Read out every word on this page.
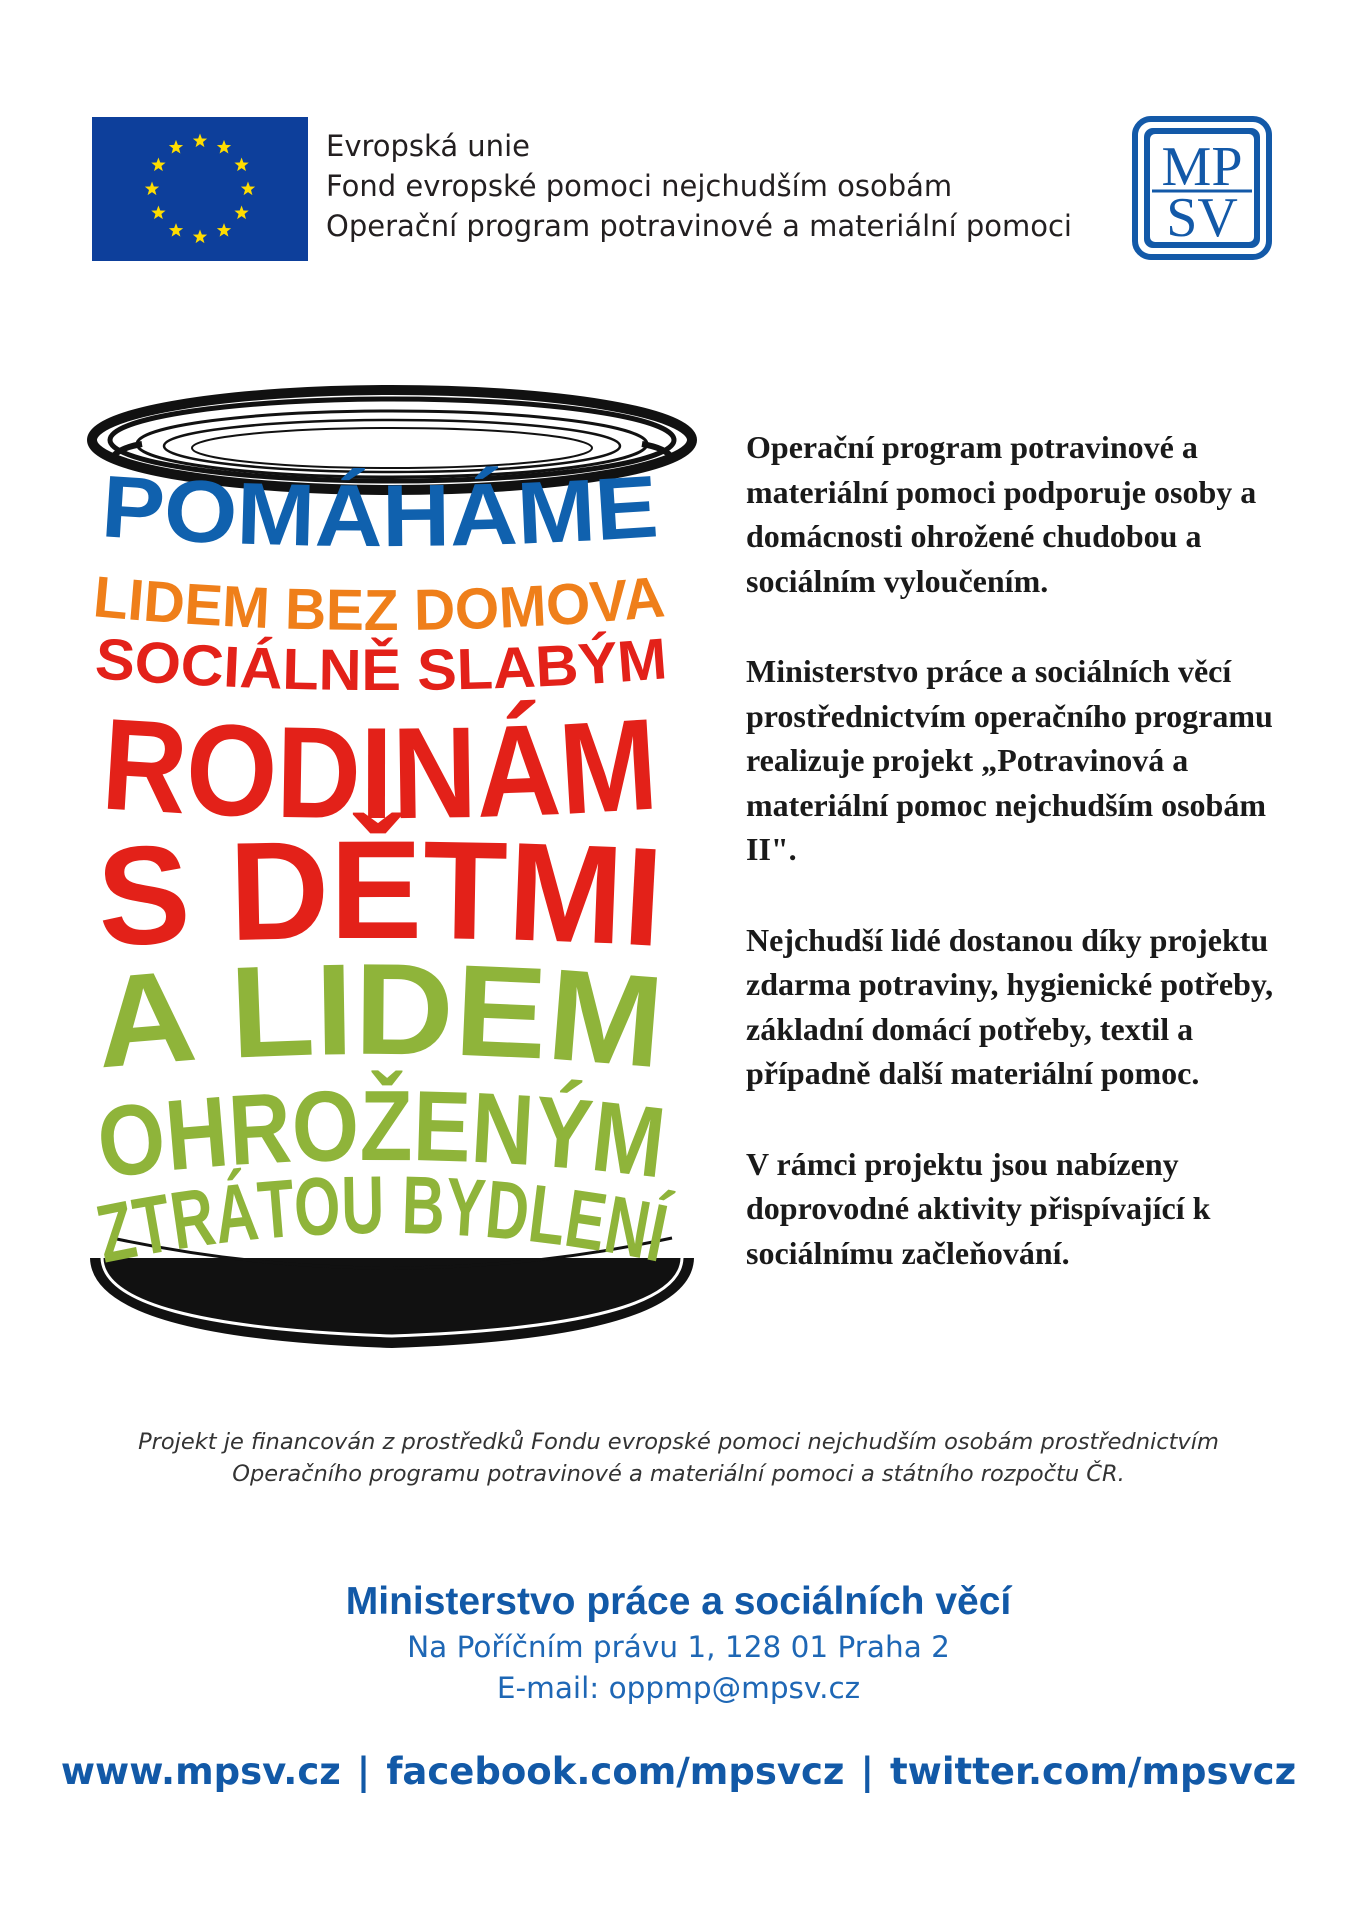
Evropská unie
Fond evropské pomoci nejchudším osobám
Operační program potravinové a materiální pomoci
MP
SV
POMÁHÁME
LIDEM BEZ DOMOVA
SOCIÁLNĚ SLABÝM
RODINÁM
S DĚTMI
A LIDEM
OHROŽENÝM
ZTRÁTOU BYDLENÍ

Operační program potravinové a materiální pomoci podporuje osoby a domácnosti ohrožené chudobou a sociálním vyloučením.

Ministerstvo práce a sociálních věcí prostřednictvím operačního programu realizuje projekt „Potravinová a materiální pomoc nejchudším osobám II".

Nejchudší lidé dostanou díky projektu zdarma potraviny, hygienické potřeby, základní domácí potřeby, textil a případně další materiální pomoc.

V rámci projektu jsou nabízeny doprovodné aktivity přispívající k sociálnímu začleňování.

Projekt je financován z prostředků Fondu evropské pomoci nejchudším osobám prostřednictvím
Operačního programu potravinové a materiální pomoci a státního rozpočtu ČR.
Ministerstvo práce a sociálních věcí
Na Poříčním právu 1, 128 01 Praha 2
E-mail: oppmp@mpsv.cz
www.mpsv.cz | facebook.com/mpsvcz | twitter.com/mpsvcz
